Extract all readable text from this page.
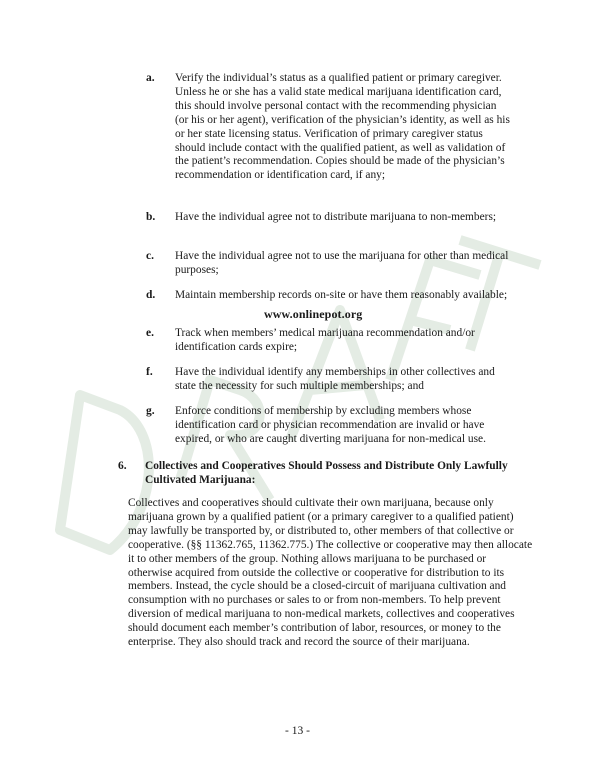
a. Verify the individual’s status as a qualified patient or primary caregiver. Unless he or she has a valid state medical marijuana identification card, this should involve personal contact with the recommending physician (or his or her agent), verification of the physician’s identity, as well as his or her state licensing status. Verification of primary caregiver status should include contact with the qualified patient, as well as validation of the patient’s recommendation. Copies should be made of the physician’s recommendation or identification card, if any;
b. Have the individual agree not to distribute marijuana to non-members;
c. Have the individual agree not to use the marijuana for other than medical purposes;
d. Maintain membership records on-site or have them reasonably available;
e. Track when members’ medical marijuana recommendation and/or identification cards expire;
f. Have the individual identify any memberships in other collectives and state the necessity for such multiple memberships; and
g. Enforce conditions of membership by excluding members whose identification card or physician recommendation are invalid or have expired, or who are caught diverting marijuana for non-medical use.
www.onlinepot.org
6. Collectives and Cooperatives Should Possess and Distribute Only Lawfully Cultivated Marijuana:
Collectives and cooperatives should cultivate their own marijuana, because only marijuana grown by a qualified patient (or a primary caregiver to a qualified patient) may lawfully be transported by, or distributed to, other members of that collective or cooperative. (§§ 11362.765, 11362.775.) The collective or cooperative may then allocate it to other members of the group. Nothing allows marijuana to be purchased or otherwise acquired from outside the collective or cooperative for distribution to its members. Instead, the cycle should be a closed-circuit of marijuana cultivation and consumption with no purchases or sales to or from non-members. To help prevent diversion of medical marijuana to non-medical markets, collectives and cooperatives should document each member’s contribution of labor, resources, or money to the enterprise. They also should track and record the source of their marijuana.
- 13 -
